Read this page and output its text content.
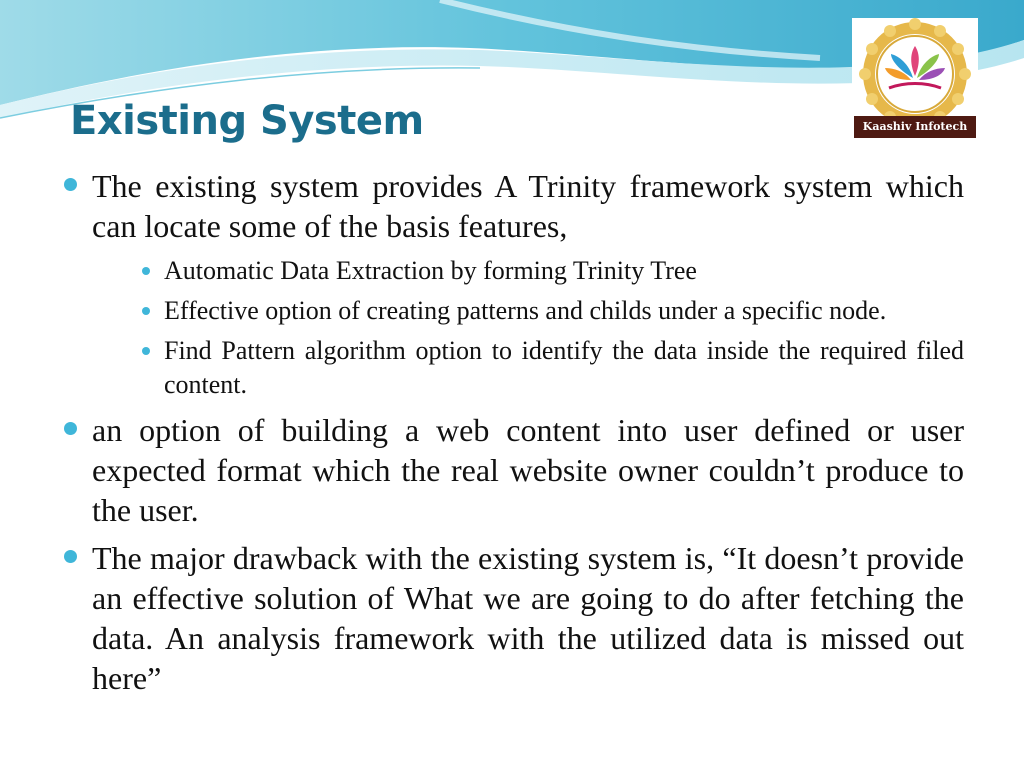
Existing System	Kaashiv Infotech
The existing system provides A Trinity framework system which can locate some of the basis features,
Automatic Data Extraction by forming Trinity Tree
Effective option of creating patterns and childs under a specific node.
Find Pattern algorithm option to identify the data inside the required filed content.
an option of building a web content into user defined or user expected format which the real website owner couldn’t produce to the user.
The major drawback with the existing system is, “It doesn’t provide an effective solution of What we are going to do after fetching the data. An analysis framework with the utilized data is missed out here”
